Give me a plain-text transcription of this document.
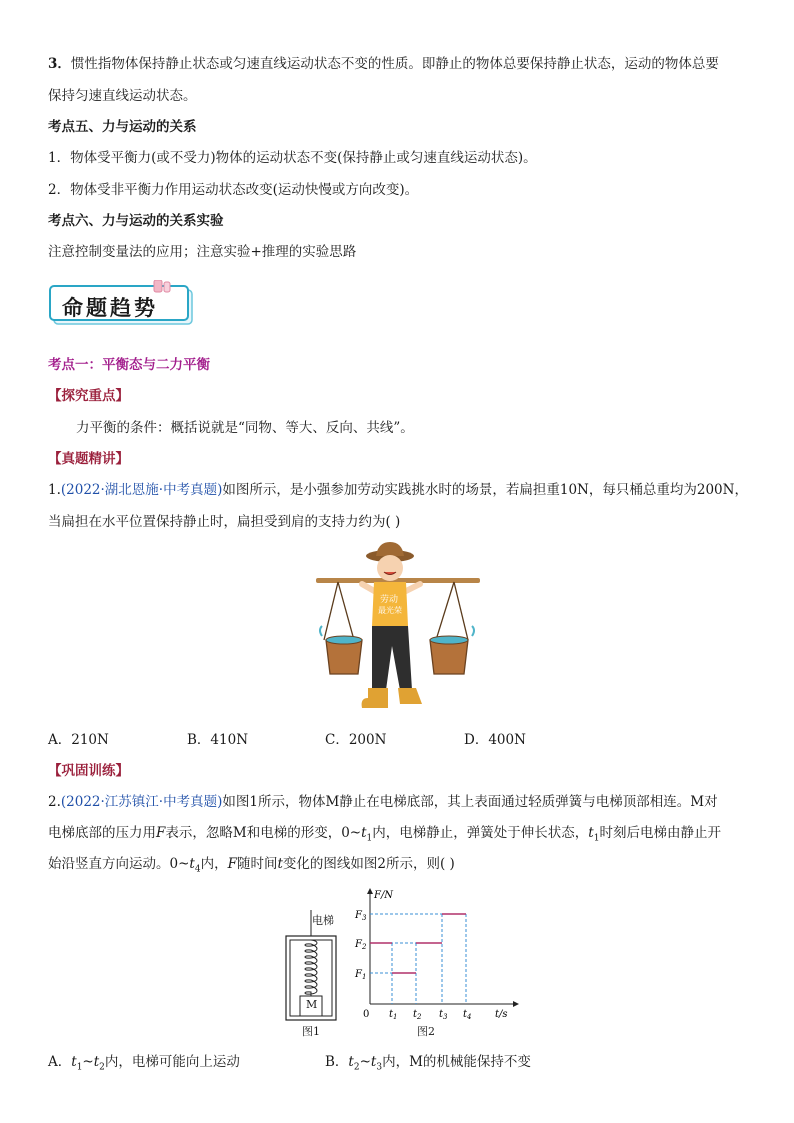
3．惯性指物体保持静止状态或匀速直线运动状态不变的性质。即静止的物体总要保持静止状态，运动的物体总要
保持匀速直线运动状态。
考点五、力与运动的关系
1．物体受平衡力(或不受力)物体的运动状态不变(保持静止或匀速直线运动状态)。
2．物体受非平衡力作用运动状态改变(运动快慢或方向改变)。
考点六、力与运动的关系实验
注意控制变量法的应用；注意实验+推理的实验思路
命题趋势
考点一：平衡态与二力平衡
【探究重点】
力平衡的条件：概括说就是“同物、等大、反向、共线”。
【真题精讲】
1.(2022·湖北恩施·中考真题)如图所示，是小强参加劳动实践挑水时的场景，若扁担重10N，每只桶总重均为200N，
当扁担在水平位置保持静止时，扁担受到肩的支持力约为( )
劳动
最光荣
A．210N	B．410N	C．200N	D．400N
【巩固训练】
2.(2022·江苏镇江·中考真题)如图1所示，物体M静止在电梯底部，其上表面通过轻质弹簧与电梯顶部相连。M对
电梯底部的压力用F表示，忽略M和电梯的形变，$0\sim t_1$内，电梯静止，弹簧处于伸长状态，$t_1$时刻后电梯由静止开
始沿竖直方向运动。$0\sim t_4$内，F随时间t变化的图线如图2所示，则( )
电梯
M
图1
$F_1$
$F_2$
$F_3$
0 $t_1$ $t_2$ $t_3$ $t_4$
F/N
t/s
图2
A．$t_1\sim t_2$内，电梯可能向上运动	B．$t_2\sim t_3$内，M的机械能保持不变
